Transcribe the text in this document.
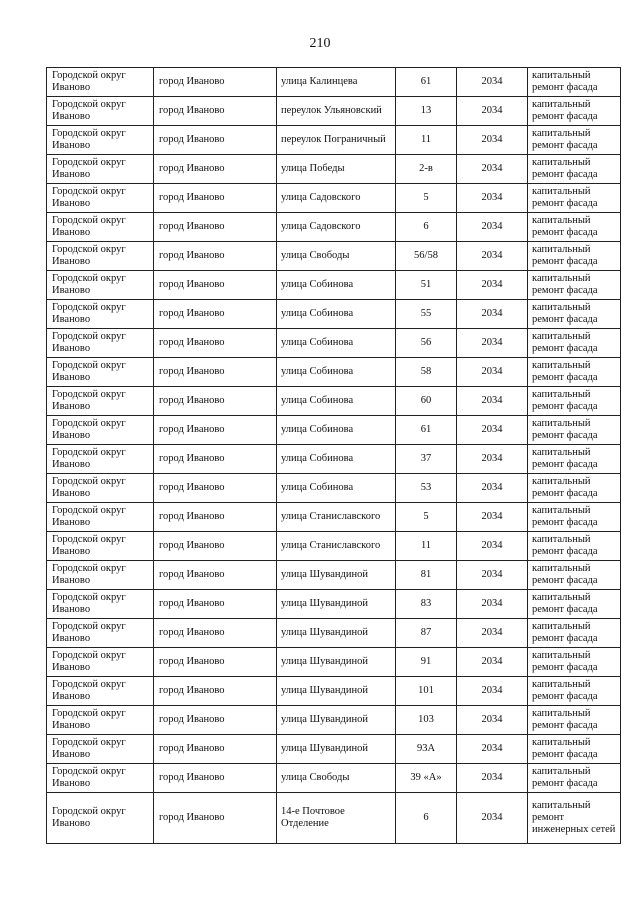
210
Городской округ Иваново	город Иваново	улица Калинцева	61	2034	капитальный ремонт фасада
Городской округ Иваново	город Иваново	переулок Ульяновский	13	2034	капитальный ремонт фасада
Городской округ Иваново	город Иваново	переулок Пограничный	11	2034	капитальный ремонт фасада
Городской округ Иваново	город Иваново	улица Победы	2-в	2034	капитальный ремонт фасада
Городской округ Иваново	город Иваново	улица Садовского	5	2034	капитальный ремонт фасада
Городской округ Иваново	город Иваново	улица Садовского	6	2034	капитальный ремонт фасада
Городской округ Иваново	город Иваново	улица Свободы	56/58	2034	капитальный ремонт фасада
Городской округ Иваново	город Иваново	улица Собинова	51	2034	капитальный ремонт фасада
Городской округ Иваново	город Иваново	улица Собинова	55	2034	капитальный ремонт фасада
Городской округ Иваново	город Иваново	улица Собинова	56	2034	капитальный ремонт фасада
Городской округ Иваново	город Иваново	улица Собинова	58	2034	капитальный ремонт фасада
Городской округ Иваново	город Иваново	улица Собинова	60	2034	капитальный ремонт фасада
Городской округ Иваново	город Иваново	улица Собинова	61	2034	капитальный ремонт фасада
Городской округ Иваново	город Иваново	улица Собинова	37	2034	капитальный ремонт фасада
Городской округ Иваново	город Иваново	улица Собинова	53	2034	капитальный ремонт фасада
Городской округ Иваново	город Иваново	улица Станиславского	5	2034	капитальный ремонт фасада
Городской округ Иваново	город Иваново	улица Станиславского	11	2034	капитальный ремонт фасада
Городской округ Иваново	город Иваново	улица Шувандиной	81	2034	капитальный ремонт фасада
Городской округ Иваново	город Иваново	улица Шувандиной	83	2034	капитальный ремонт фасада
Городской округ Иваново	город Иваново	улица Шувандиной	87	2034	капитальный ремонт фасада
Городской округ Иваново	город Иваново	улица Шувандиной	91	2034	капитальный ремонт фасада
Городской округ Иваново	город Иваново	улица Шувандиной	101	2034	капитальный ремонт фасада
Городской округ Иваново	город Иваново	улица Шувандиной	103	2034	капитальный ремонт фасада
Городской округ Иваново	город Иваново	улица Шувандиной	93А	2034	капитальный ремонт фасада
Городской округ Иваново	город Иваново	улица Свободы	39 «А»	2034	капитальный ремонт фасада
Городской округ Иваново	город Иваново	14-е Почтовое Отделение	6	2034	капитальный ремонт инженерных сетей
